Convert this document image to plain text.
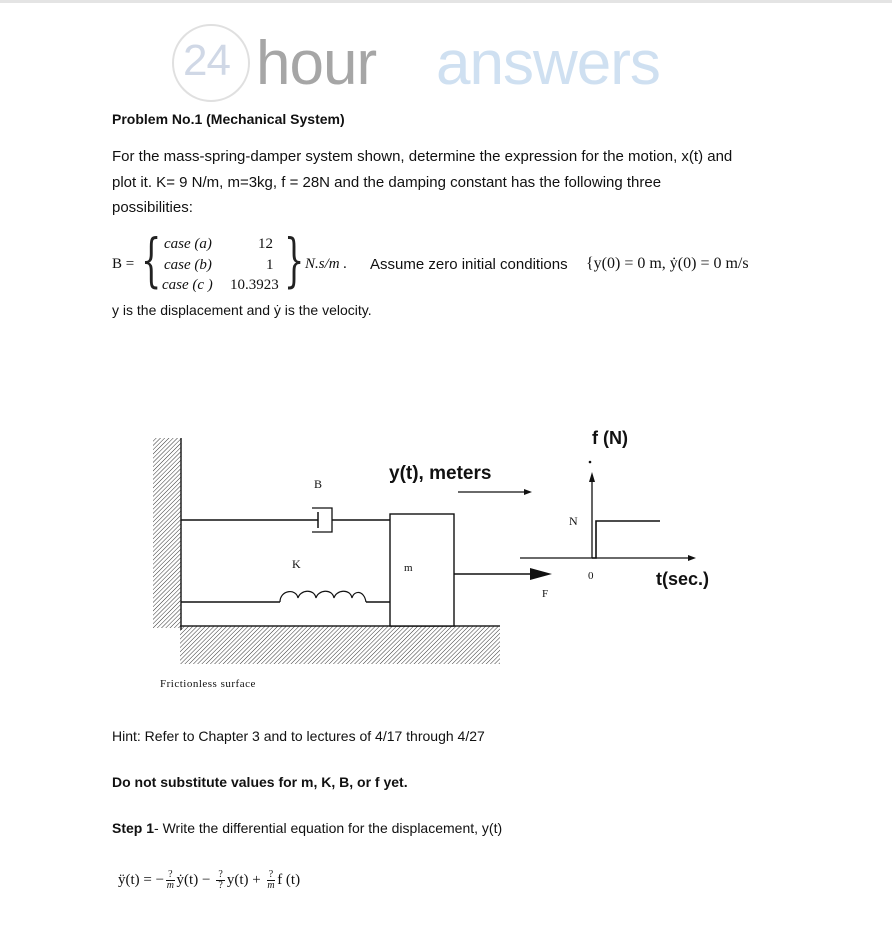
24 hour answers
Problem No.1 (Mechanical System)
For the mass-spring-damper system shown, determine the expression for the motion, x(t) and
plot it. K= 9 N/m, m=3kg, f = 28N and the damping constant has the following three
possibilities:
B = { case (a)	12
case (b)	1
case (c ) 10.3923 } N.s/m . Assume zero initial conditions {y(0) = 0 m, ẏ(0) = 0 m/s
y is the displacement and ẏ is the velocity.
B
K	m
F
N
0
y(t), meters
f (N)
t(sec.)
Frictionless surface
Hint: Refer to Chapter 3 and to lectures of 4/17 through 4/27
Do not substitute values for m, K, B, or f yet.
Step 1- Write the differential equation for the displacement, y(t)
ÿ(t) = − ?
m ẏ(t) − ?
? y(t) + ?
m f (t)
